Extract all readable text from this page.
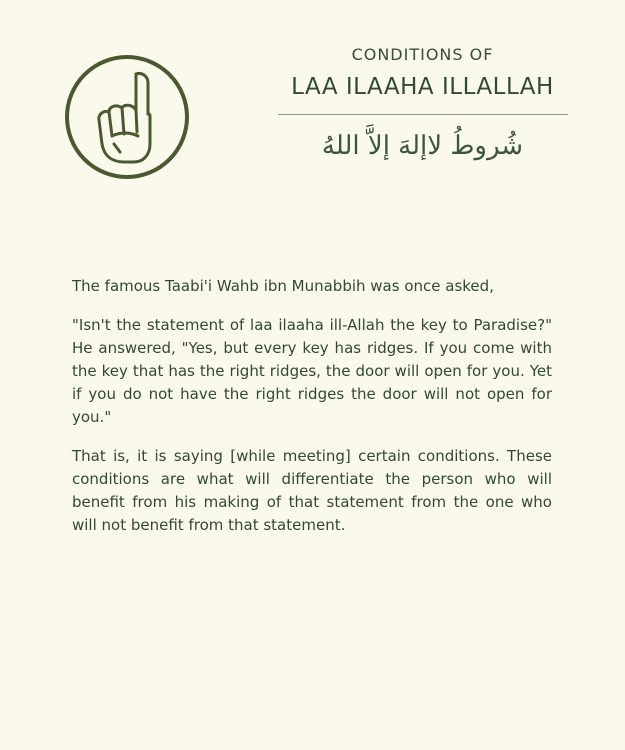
CONDITIONS OF

LAA ILAAHA ILLALLAH
شُروطُ لاإلهَ إلاَّ اللهُ

The famous Taabi'i Wahb ibn Munabbih was once asked,

"Isn't the statement of laa ilaaha ill-Allah the key to Paradise?" He answered, "Yes, but every key has ridges. If you come with the key that has the right ridges, the door will open for you. Yet if you do not have the right ridges the door will not open for you."

That is, it is saying [while meeting] certain conditions. These conditions are what will differentiate the person who will benefit from his making of that statement from the one who will not benefit from that statement.
